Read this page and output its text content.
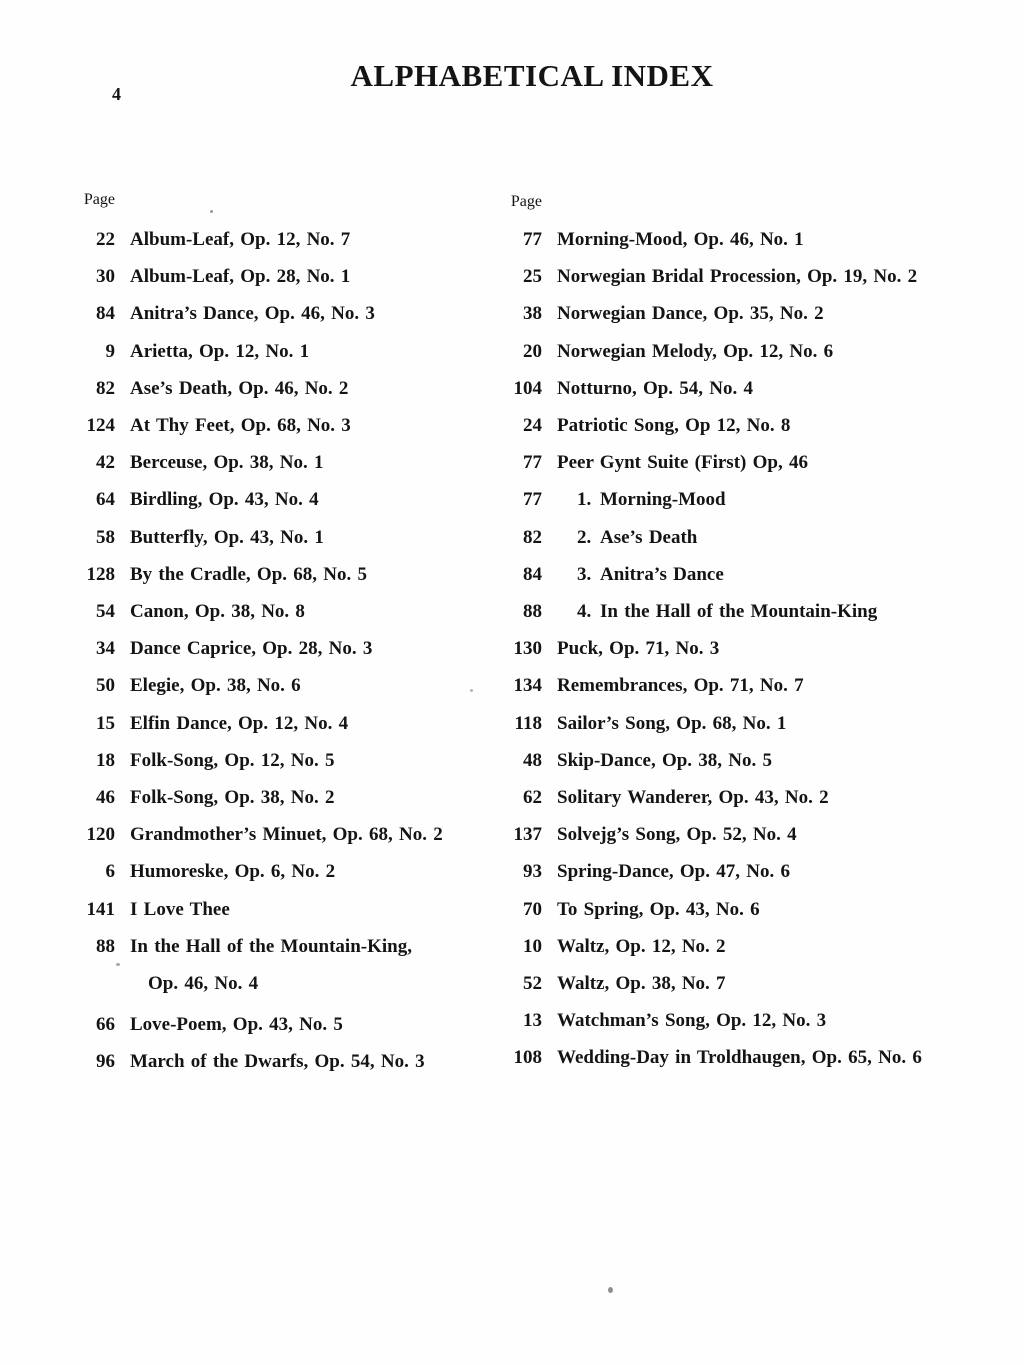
4
ALPHABETICAL INDEX
Page	Page
22 Album-Leaf, Op. 12, No. 7
30 Album-Leaf, Op. 28, No. 1
84 Anitra’s Dance, Op. 46, No. 3
9 Arietta, Op. 12, No. 1
82 Ase’s Death, Op. 46, No. 2
124 At Thy Feet, Op. 68, No. 3
42 Berceuse, Op. 38, No. 1
64 Birdling, Op. 43, No. 4
58 Butterfly, Op. 43, No. 1
128 By the Cradle, Op. 68, No. 5
54 Canon, Op. 38, No. 8
34 Dance Caprice, Op. 28, No. 3
50 Elegie, Op. 38, No. 6
15 Elfin Dance, Op. 12, No. 4
18 Folk-Song, Op. 12, No. 5
46 Folk-Song, Op. 38, No. 2
120 Grandmother’s Minuet, Op. 68, No. 2
6 Humoreske, Op. 6, No. 2
141 I Love Thee
88 In the Hall of the Mountain-King,
Op. 46, No. 4
66 Love-Poem, Op. 43, No. 5
96 March of the Dwarfs, Op. 54, No. 3
77 Morning-Mood, Op. 46, No. 1
25 Norwegian Bridal Procession, Op. 19, No. 2
38 Norwegian Dance, Op. 35, No. 2
20 Norwegian Melody, Op. 12, No. 6
104 Notturno, Op. 54, No. 4
24 Patriotic Song, Op 12, No. 8
77 Peer Gynt Suite (First) Op, 46
77 1. Morning-Mood
82 2. Ase’s Death
84 3. Anitra’s Dance
88 4. In the Hall of the Mountain-King
130 Puck, Op. 71, No. 3
134 Remembrances, Op. 71, No. 7
118 Sailor’s Song, Op. 68, No. 1
48 Skip-Dance, Op. 38, No. 5
62 Solitary Wanderer, Op. 43, No. 2
137 Solvejg’s Song, Op. 52, No. 4
93 Spring-Dance, Op. 47, No. 6
70 To Spring, Op. 43, No. 6
10 Waltz, Op. 12, No. 2
52 Waltz, Op. 38, No. 7
13 Watchman’s Song, Op. 12, No. 3
108 Wedding-Day in Troldhaugen, Op. 65, No. 6
